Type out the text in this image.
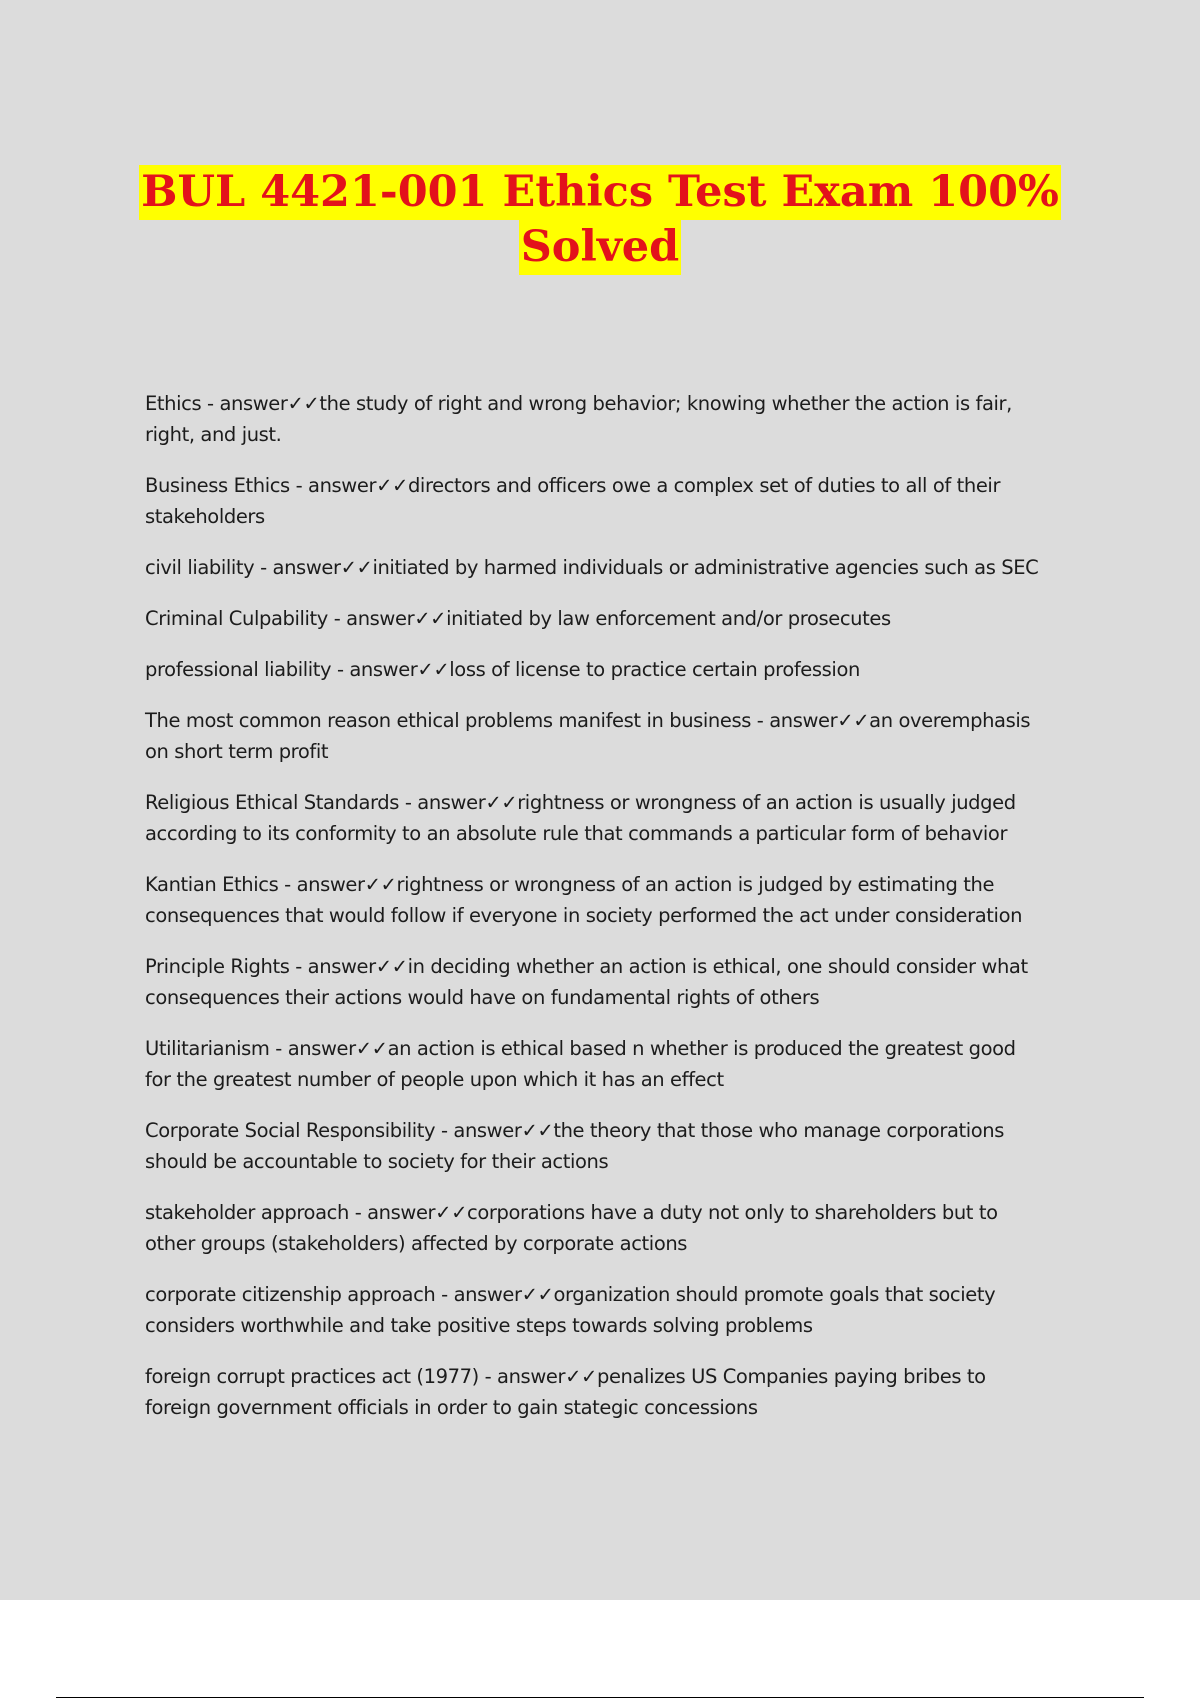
BUL 4421-001 Ethics Test Exam 100%
Solved

Ethics - answer✓✓the study of right and wrong behavior; knowing whether the action is fair,
right, and just.

Business Ethics - answer✓✓directors and officers owe a complex set of duties to all of their
stakeholders

civil liability - answer✓✓initiated by harmed individuals or administrative agencies such as SEC

Criminal Culpability - answer✓✓initiated by law enforcement and/or prosecutes

professional liability - answer✓✓loss of license to practice certain profession

The most common reason ethical problems manifest in business - answer✓✓an overemphasis
on short term profit

Religious Ethical Standards - answer✓✓rightness or wrongness of an action is usually judged
according to its conformity to an absolute rule that commands a particular form of behavior

Kantian Ethics - answer✓✓rightness or wrongness of an action is judged by estimating the
consequences that would follow if everyone in society performed the act under consideration

Principle Rights - answer✓✓in deciding whether an action is ethical, one should consider what
consequences their actions would have on fundamental rights of others

Utilitarianism - answer✓✓an action is ethical based n whether is produced the greatest good
for the greatest number of people upon which it has an effect

Corporate Social Responsibility - answer✓✓the theory that those who manage corporations
should be accountable to society for their actions

stakeholder approach - answer✓✓corporations have a duty not only to shareholders but to
other groups (stakeholders) affected by corporate actions

corporate citizenship approach - answer✓✓organization should promote goals that society
considers worthwhile and take positive steps towards solving problems

foreign corrupt practices act (1977) - answer✓✓penalizes US Companies paying bribes to
foreign government officials in order to gain stategic concessions
